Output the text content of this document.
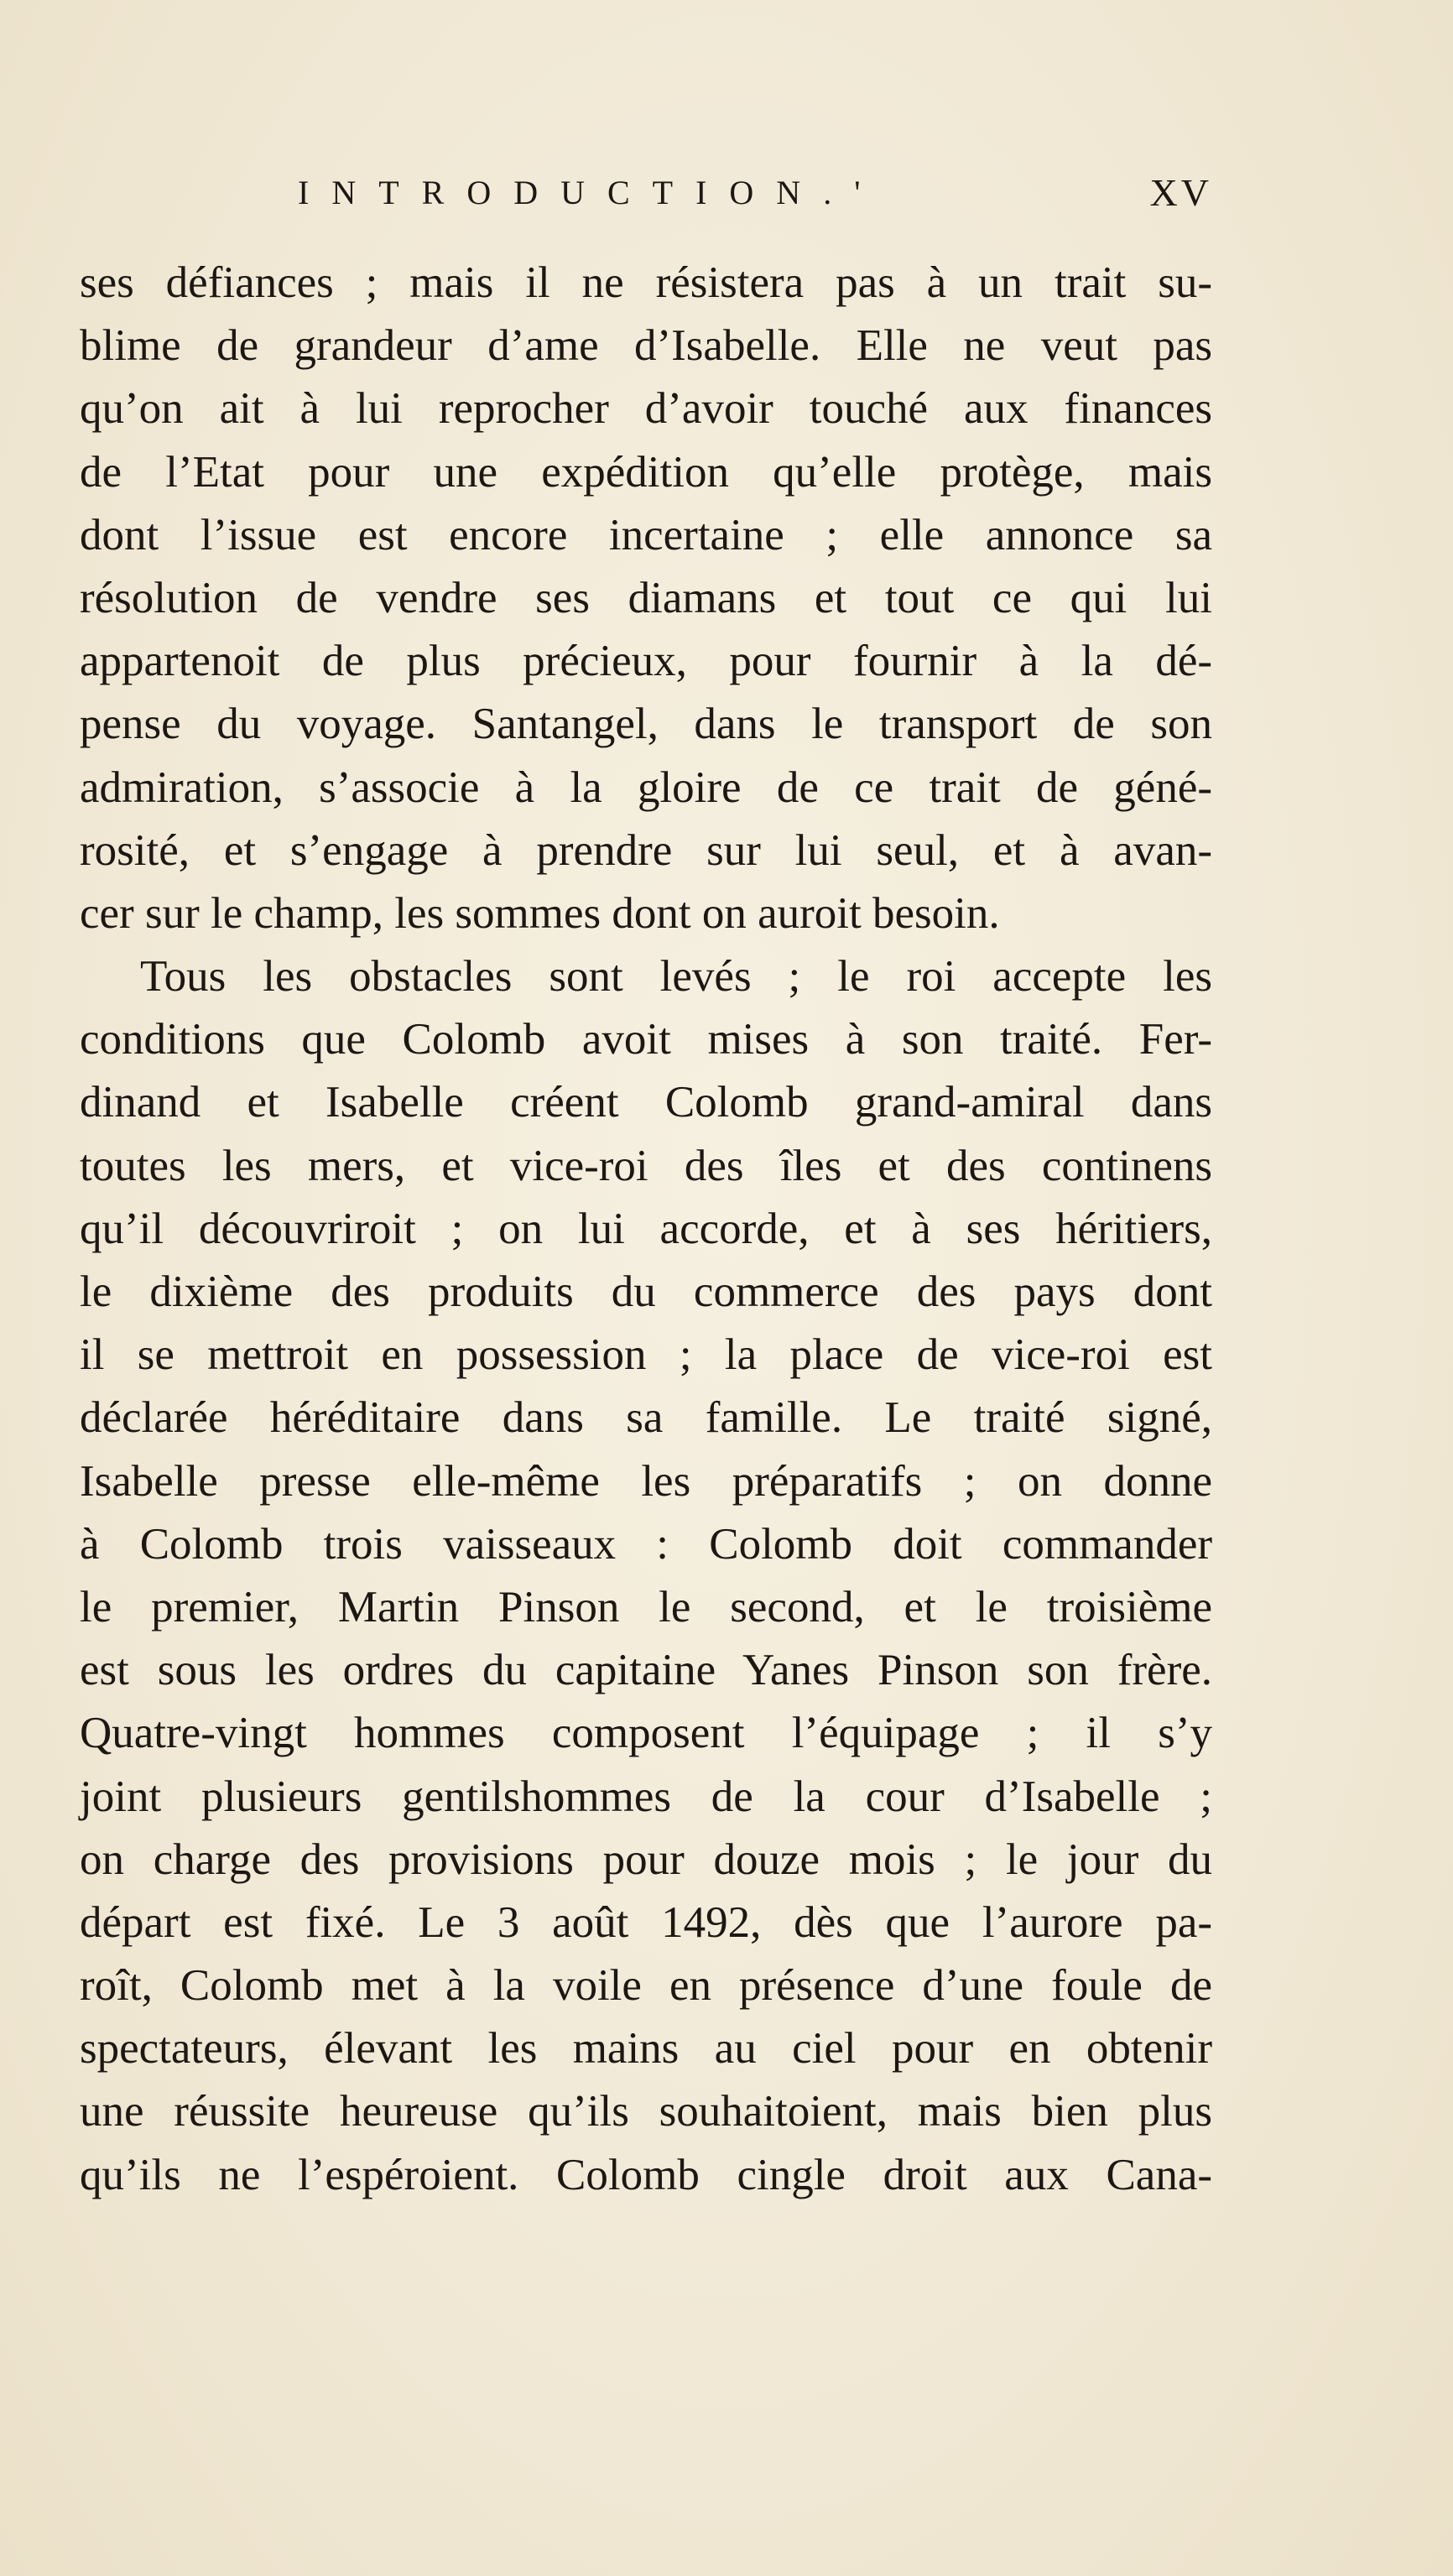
INTRODUCTION.'	XV
ses défiances ; mais il ne résistera pas à un trait su-
blime de grandeur d’ame d’Isabelle. Elle ne veut pas
qu’on ait à lui reprocher d’avoir touché aux finances
de l’Etat pour une expédition qu’elle protège, mais
dont l’issue est encore incertaine ; elle annonce sa
résolution de vendre ses diamans et tout ce qui lui
appartenoit de plus précieux, pour fournir à la dé-
pense du voyage. Santangel, dans le transport de son
admiration, s’associe à la gloire de ce trait de géné-
rosité, et s’engage à prendre sur lui seul, et à avan-
cer sur le champ, les sommes dont on auroit besoin.
Tous les obstacles sont levés ; le roi accepte les
conditions que Colomb avoit mises à son traité. Fer-
dinand et Isabelle créent Colomb grand-amiral dans
toutes les mers, et vice-roi des îles et des continens
qu’il découvriroit ; on lui accorde, et à ses héritiers,
le dixième des produits du commerce des pays dont
il se mettroit en possession ; la place de vice-roi est
déclarée héréditaire dans sa famille. Le traité signé,
Isabelle presse elle-même les préparatifs ; on donne
à Colomb trois vaisseaux : Colomb doit commander
le premier, Martin Pinson le second, et le troisième
est sous les ordres du capitaine Yanes Pinson son frère.
Quatre-vingt hommes composent l’équipage ; il s’y
joint plusieurs gentilshommes de la cour d’Isabelle ;
on charge des provisions pour douze mois ; le jour du
départ est fixé. Le 3 août 1492, dès que l’aurore pa-
roît, Colomb met à la voile en présence d’une foule de
spectateurs, élevant les mains au ciel pour en obtenir
une réussite heureuse qu’ils souhaitoient, mais bien plus
qu’ils ne l’espéroient. Colomb cingle droit aux Cana-
